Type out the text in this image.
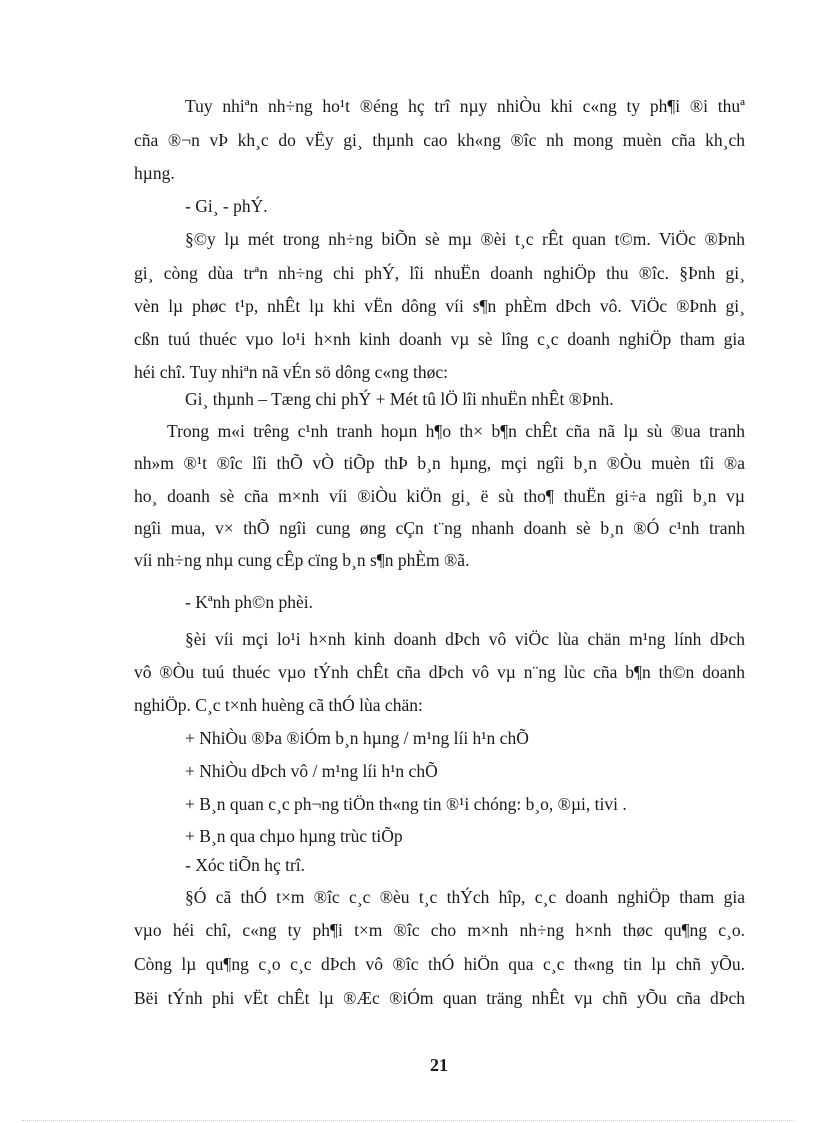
Tuy nhiªn nh÷ng ho¹t ®éng hç trî nµy nhiÒu khi c«ng ty ph¶i ®i thuª
cña ®¬n vÞ kh¸c do vËy gi¸ thµnh cao kh«ng ®îc nh mong muèn cña kh¸ch
hµng.
- Gi¸ - phÝ.
§©y lµ mét trong nh÷ng biÕn sè mµ ®èi t¸c rÊt quan t©m. ViÖc ®Þnh
gi¸ còng dùa trªn nh÷ng chi phÝ, lîi nhuËn doanh nghiÖp thu ®îc. §Þnh gi¸
vèn lµ phøc t¹p, nhÊt lµ khi vËn dông víi s¶n phÈm dÞch vô. ViÖc ®Þnh gi¸
cßn tuú thuéc vµo lo¹i h×nh kinh doanh vµ sè lîng c¸c doanh nghiÖp tham gia
héi chî. Tuy nhiªn nã vÉn sö dông c«ng thøc:
Gi¸ thµnh – Tæng chi phÝ + Mét tû lÖ lîi nhuËn nhÊt ®Þnh.
Trong m«i trêng c¹nh tranh hoµn h¶o th× b¶n chÊt cña nã lµ sù ®ua tranh
nh»m ®¹t ®îc lîi thÕ vÒ tiÕp thÞ b¸n hµng, mçi ngîi b¸n ®Òu muèn tîi ®a
ho¸ doanh sè cña m×nh víi ®iÒu kiÖn gi¸ ë sù tho¶ thuËn gi÷a ngîi b¸n vµ
ngîi mua, v× thÕ ngîi cung øng cÇn t¨ng nhanh doanh sè b¸n ®Ó c¹nh tranh
víi nh÷ng nhµ cung cÊp cïng b¸n s¶n phÈm ®ã.
- Kªnh ph©n phèi.
§èi víi mçi lo¹i h×nh kinh doanh dÞch vô viÖc lùa chän m¹ng lính dÞch
vô ®Òu tuú thuéc vµo tÝnh chÊt cña dÞch vô vµ n¨ng lùc cña b¶n th©n doanh
nghiÖp. C¸c t×nh huèng cã thÓ lùa chän:
+ NhiÒu ®Þa ®iÓm b¸n hµng / m¹ng líi h¹n chÕ
+ NhiÒu dÞch vô / m¹ng líi h¹n chÕ
+ B¸n quan c¸c ph¬ng tiÖn th«ng tin ®¹i chóng: b¸o, ®µi, tivi .
+ B¸n qua chµo hµng trùc tiÕp
- Xóc tiÕn hç trî.
§Ó cã thÓ t×m ®îc c¸c ®èu t¸c thÝch hîp, c¸c doanh nghiÖp tham gia
vµo héi chî, c«ng ty ph¶i t×m ®îc cho m×nh nh÷ng h×nh thøc qu¶ng c¸o.
Còng lµ qu¶ng c¸o c¸c dÞch vô ®îc thÓ hiÖn qua c¸c th«ng tin lµ chñ yÕu.
Bëi tÝnh phi vËt chÊt lµ ®Æc ®iÓm quan träng nhÊt vµ chñ yÕu cña dÞch
21
